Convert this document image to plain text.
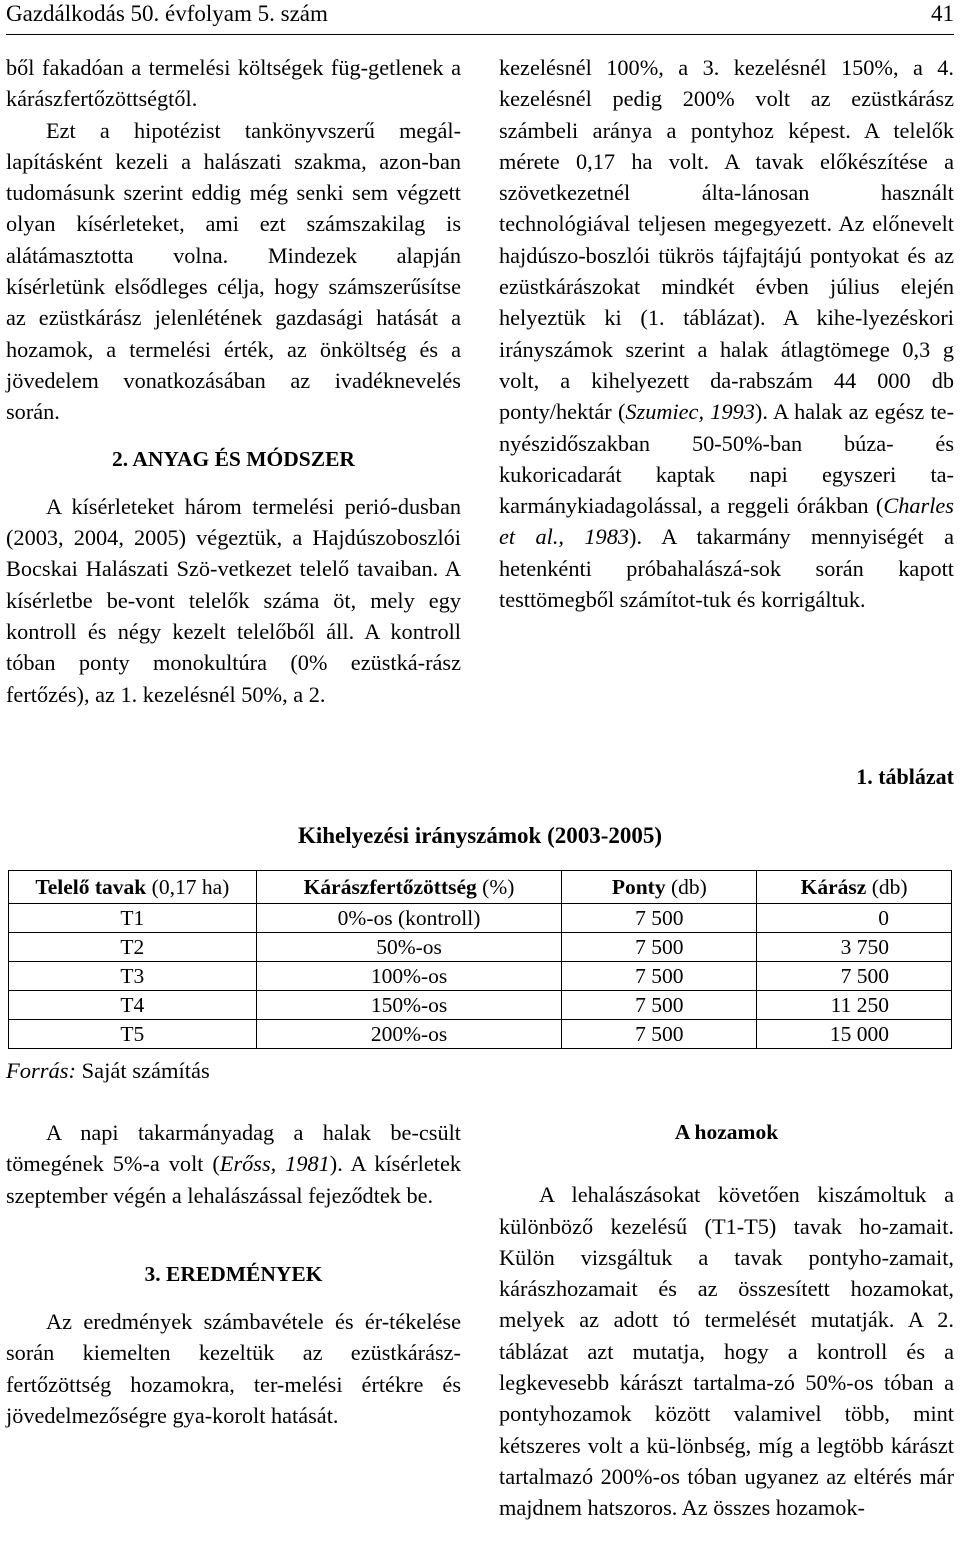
Gazdálkodás 50. évfolyam 5. szám	41

ből fakadóan a termelési költségek füg-getlenek a kárászfertőzöttségtől.

Ezt a hipotézist tankönyvszerű megál-lapításként kezeli a halászati szakma, azon-ban tudomásunk szerint eddig még senki sem végzett olyan kísérleteket, ami ezt számszakilag is alátámasztotta volna. Mindezek alapján kísérletünk elsődleges célja, hogy számszerűsítse az ezüstkárász jelenlétének gazdasági hatását a hozamok, a termelési érték, az önköltség és a jövedelem vonatkozásában az ivadéknevelés során.

2. ANYAG ÉS MÓDSZER

A kísérleteket három termelési perió-dusban (2003, 2004, 2005) végeztük, a Hajdúszoboszlói Bocskai Halászati Szö-vetkezet telelő tavaiban. A kísérletbe be-vont telelők száma öt, mely egy kontroll és négy kezelt telelőből áll. A kontroll tóban ponty monokultúra (0% ezüstká-rász fertőzés), az 1. kezelésnél 50%, a 2.

kezelésnél 100%, a 3. kezelésnél 150%, a 4. kezelésnél pedig 200% volt az ezüstkárász számbeli aránya a pontyhoz képest. A telelők mérete 0,17 ha volt. A tavak előkészítése a szövetkezetnél álta-lánosan használt technológiával teljesen megegyezett. Az előnevelt hajdúszo-boszlói tükrös tájfajtájú pontyokat és az ezüstkárászokat mindkét évben július elején helyeztük ki (1. táblázat). A kihe-lyezéskori irányszámok szerint a halak átlagtömege 0,3 g volt, a kihelyezett da-rabszám 44 000 db ponty/hektár (Szumiec, 1993). A halak az egész te-nyészidőszakban 50-50%-ban búza- és kukoricadarát kaptak napi egyszeri ta-karmánykiadagolással, a reggeli órákban (Charles et al., 1983). A takarmány mennyiségét a hetenkénti próbahalászá-sok során kapott testtömegből számítot-tuk és korrigáltuk.

1. táblázat
Kihelyezési irányszámok (2003-2005)
Telelő tavak (0,17 ha)	Kárászfertőzöttség (%)	Ponty (db)	Kárász (db)
T1	0%-os (kontroll)	7 500	0
T2	50%-os	7 500	3 750
T3	100%-os	7 500	7 500
T4	150%-os	7 500	11 250
T5	200%-os	7 500	15 000
Forrás: Saját számítás

A napi takarmányadag a halak be-csült tömegének 5%-a volt (Erőss, 1981). A kísérletek szeptember végén a lehalászással fejeződtek be.

3. EREDMÉNYEK

Az eredmények számbavétele és ér-tékelése során kiemelten kezeltük az ezüstkárász-fertőzöttség hozamokra, ter-melési értékre és jövedelmezőségre gya-korolt hatását.

A hozamok

A lehalászásokat követően kiszámoltuk a különböző kezelésű (T1-T5) tavak ho-zamait. Külön vizsgáltuk a tavak pontyho-zamait, kárászhozamait és az összesített hozamokat, melyek az adott tó termelését mutatják. A 2. táblázat azt mutatja, hogy a kontroll és a legkevesebb kárászt tartalma-zó 50%-os tóban a pontyhozamok között valamivel több, mint kétszeres volt a kü-lönbség, míg a legtöbb kárászt tartalmazó 200%-os tóban ugyanez az eltérés már majdnem hatszoros. Az összes hozamok-
